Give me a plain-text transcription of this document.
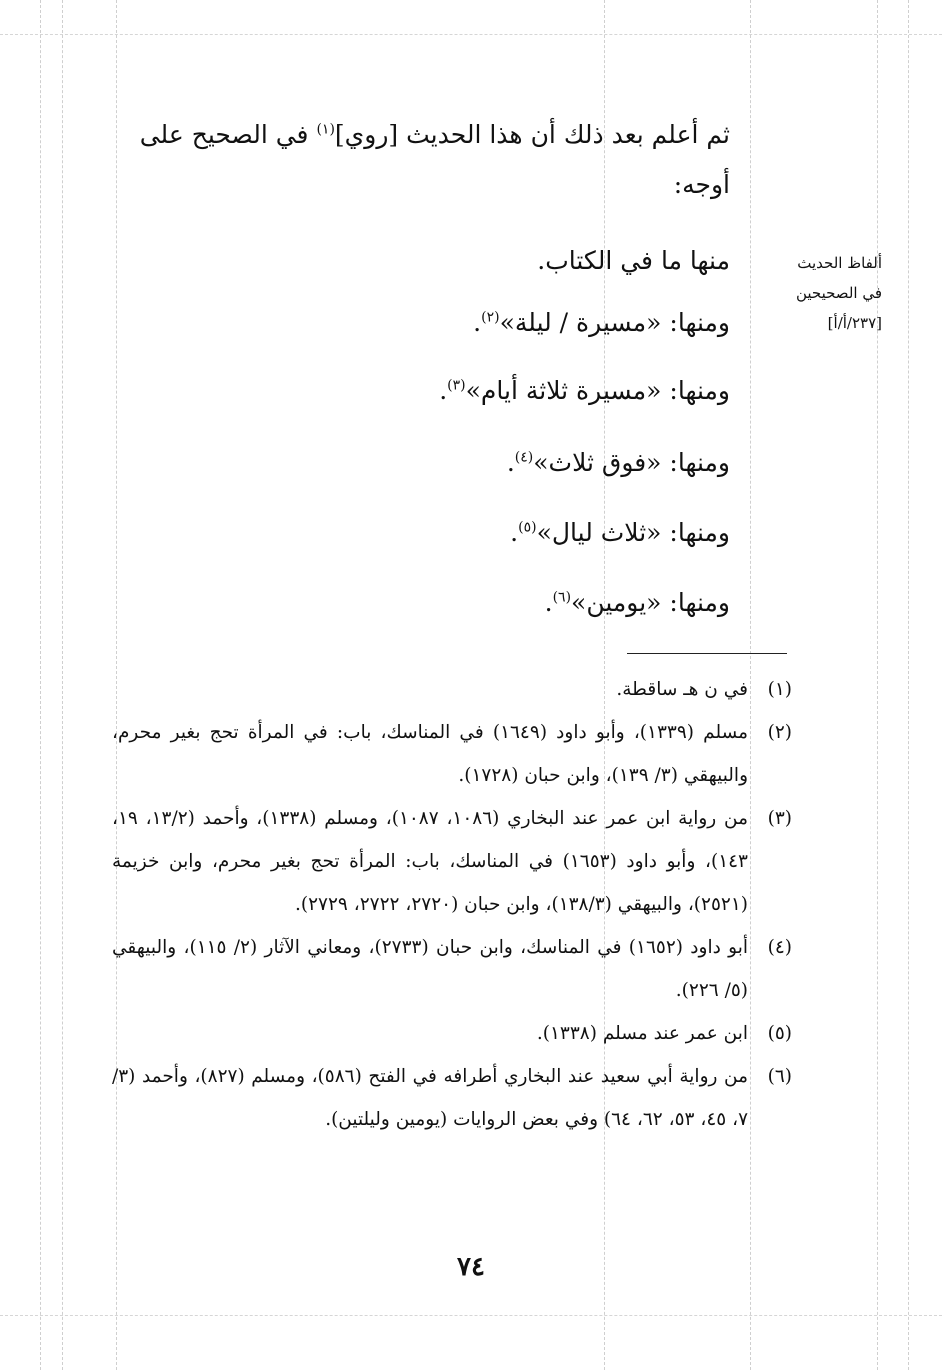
ثم أعلم بعد ذلك أن هذا الحديث [روي]$^{(١)}$ في الصحيح على أوجه:
ألفاظ الحديث
في الصحيحين
[٢٣٧/أ/أ]
منها ما في الكتاب.
ومنها: «مسيرة / ليلة»$^{(٢)}$.
ومنها: «مسيرة ثلاثة أيام»$^{(٣)}$.
ومنها: «فوق ثلاث»$^{(٤)}$.
ومنها: «ثلاث ليال»$^{(٥)}$.
ومنها: «يومين»$^{(٦)}$.
(١)
في ن هـ ساقطة.
(٢)
مسلم (١٣٣٩)، وأبو داود (١٦٤٩) في المناسك، باب: في المرأة تحج بغير محرم، والبيهقي (٣/ ١٣٩)، وابن حبان (١٧٢٨).
(٣)
من رواية ابن عمر عند البخاري (١٠٨٦، ١٠٨٧)، ومسلم (١٣٣٨)، وأحمد (١٣/٢، ١٩، ١٤٣)، وأبو داود (١٦٥٣) في المناسك، باب: المرأة تحج بغير محرم، وابن خزيمة (٢٥٢١)، والبيهقي (١٣٨/٣)، وابن حبان (٢٧٢٠، ٢٧٢٢، ٢٧٢٩).
(٤)
أبو داود (١٦٥٢) في المناسك، وابن حبان (٢٧٣٣)، ومعاني الآثار (٢/ ١١٥)، والبيهقي (٥/ ٢٢٦).
(٥)
ابن عمر عند مسلم (١٣٣٨).
(٦)
من رواية أبي سعيد عند البخاري أطرافه في الفتح (٥٨٦)، ومسلم (٨٢٧)، وأحمد (٣/ ٧، ٤٥، ٥٣، ٦٢، ٦٤) وفي بعض الروايات (يومين وليلتين).
٧٤
